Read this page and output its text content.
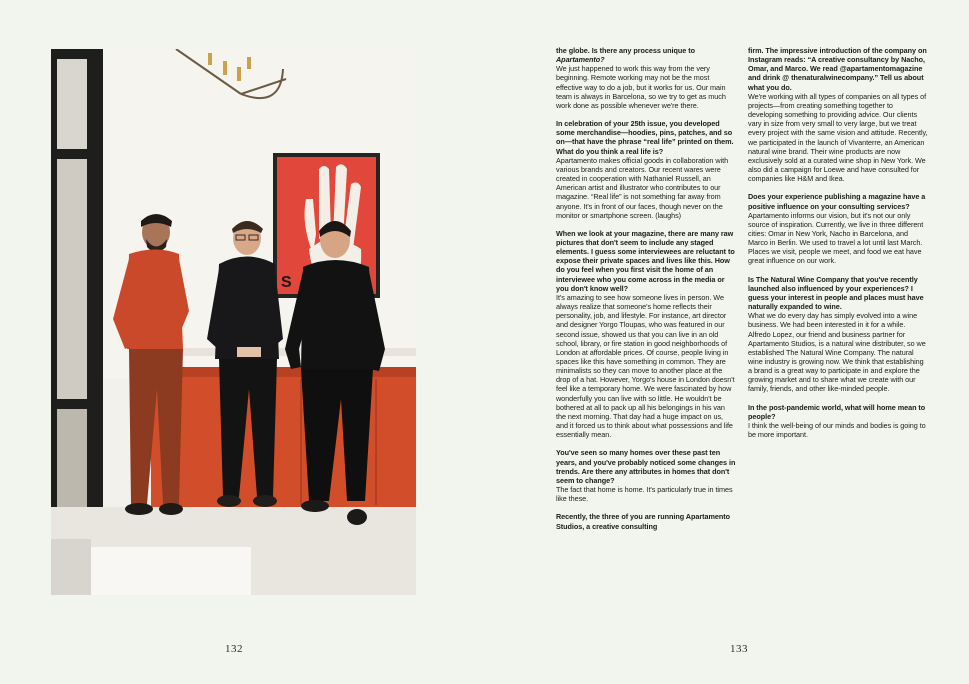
S
132

the globe. Is there any process unique to
Apartamento?
We just happened to work this way from the very beginning. Remote working may not be the most effective way to do a job, but it works for us. Our main team is always in Barcelona, so we try to get as much work done as possible whenever we're there.

In celebration of your 25th issue, you developed some merchandise—hoodies, pins, patches, and so on—that have the phrase “real life” printed on them. What do you think a real life is?
Apartamento makes official goods in collaboration with various brands and creators. Our recent wares were created in cooperation with Nathaniel Russell, an American artist and illustrator who contributes to our magazine. “Real life” is not something far away from anyone. It's in front of our faces, though never on the monitor or smartphone screen. (laughs)

When we look at your magazine, there are many raw pictures that don't seem to include any staged elements. I guess some interviewees are reluctant to expose their private spaces and lives like this. How do you feel when you first visit the home of an interviewee who you come across in the media or you don't know well?
It's amazing to see how someone lives in person. We always realize that someone's home reflects their personality, job, and lifestyle. For instance, art director and designer Yorgo Tloupas, who was featured in our second issue, showed us that you can live in an old school, library, or fire station in good neighborhoods of London at affordable prices. Of course, people living in spaces like this have something in common. They are minimalists so they can move to another place at the drop of a hat. However, Yorgo's house in London doesn't feel like a temporary home. We were fascinated by how wonderfully you can live with so little. He wouldn't be bothered at all to pack up all his belongings in his van the next morning. That day had a huge impact on us, and it forced us to think about what possessions and life essentially mean.

You've seen so many homes over these past ten years, and you've probably noticed some changes in trends. Are there any attributes in homes that don't seem to change?
The fact that home is home. It's particularly true in times like these.

Recently, the three of you are running Apartamento Studios, a creative consulting

firm. The impressive introduction of the company on Instagram reads: “A creative consultancy by Nacho, Omar, and Marco. We read @apartamentomagazine and drink @ thenaturalwinecompany.” Tell us about what you do.
We're working with all types of companies on all types of projects—from creating something together to developing something to providing advice. Our clients vary in size from very small to very large, but we treat every project with the same vision and attitude. Recently, we participated in the launch of Vivanterre, an American natural wine brand. Their wine products are now exclusively sold at a curated wine shop in New York. We also did a campaign for Loewe and have consulted for companies like H&M and Ikea.

Does your experience publishing a magazine have a positive influence on your consulting services?
Apartamento informs our vision, but it's not our only source of inspiration. Currently, we live in three different cities: Omar in New York, Nacho in Barcelona, and Marco in Berlin. We used to travel a lot until last March. Places we visit, people we meet, and food we eat have great influence on our work.

Is The Natural Wine Company that you've recently launched also influenced by your experiences? I guess your interest in people and places must have naturally expanded to wine.
What we do every day has simply evolved into a wine business. We had been interested in it for a while. Alfredo Lopez, our friend and business partner for Apartamento Studios, is a natural wine distributer, so we established The Natural Wine Company. The natural wine industry is growing now. We think that establishing a brand is a great way to participate in and explore the growing market and to share what we create with our family, friends, and other like-minded people.

In the post-pandemic world, what will home mean to people?
I think the well-being of our minds and bodies is going to be more important.

133
